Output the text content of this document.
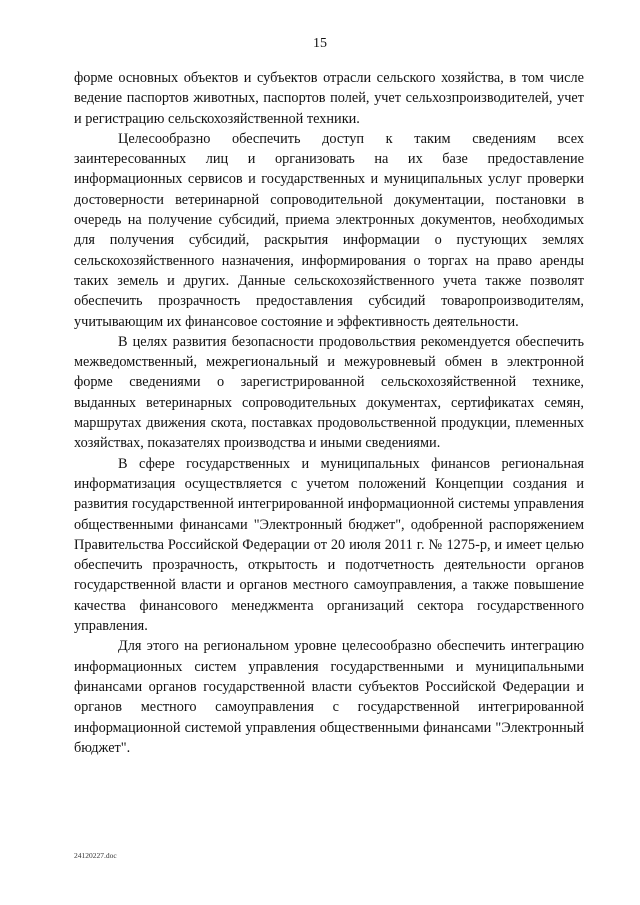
15

форме основных объектов и субъектов отрасли сельского хозяйства, в том числе ведение паспортов животных, паспортов полей, учет сельхозпроизводителей, учет и регистрацию сельскохозяйственной техники.

Целесообразно обеспечить доступ к таким сведениям всех заинтересованных лиц и организовать на их базе предоставление информационных сервисов и государственных и муниципальных услуг проверки достоверности ветеринарной сопроводительной документации, постановки в очередь на получение субсидий, приема электронных документов, необходимых для получения субсидий, раскрытия информации о пустующих землях сельскохозяйственного назначения, информирования о торгах на право аренды таких земель и других. Данные сельскохозяйственного учета также позволят обеспечить прозрачность предоставления субсидий товаропроизводителям, учитывающим их финансовое состояние и эффективность деятельности.

В целях развития безопасности продовольствия рекомендуется обеспечить межведомственный, межрегиональный и межуровневый обмен в электронной форме сведениями о зарегистрированной сельскохозяйственной технике, выданных ветеринарных сопроводительных документах, сертификатах семян, маршрутах движения скота, поставках продовольственной продукции, племенных хозяйствах, показателях производства и иными сведениями.

В сфере государственных и муниципальных финансов региональная информатизация осуществляется с учетом положений Концепции создания и развития государственной интегрированной информационной системы управления общественными финансами "Электронный бюджет", одобренной распоряжением Правительства Российской Федерации от 20 июля 2011 г. № 1275-р, и имеет целью обеспечить прозрачность, открытость и подотчетность деятельности органов государственной власти и органов местного самоуправления, а также повышение качества финансового менеджмента организаций сектора государственного управления.

Для этого на региональном уровне целесообразно обеспечить интеграцию информационных систем управления государственными и муниципальными финансами органов государственной власти субъектов Российской Федерации и органов местного самоуправления с государственной интегрированной информационной системой управления общественными финансами "Электронный бюджет".

24120227.doc
